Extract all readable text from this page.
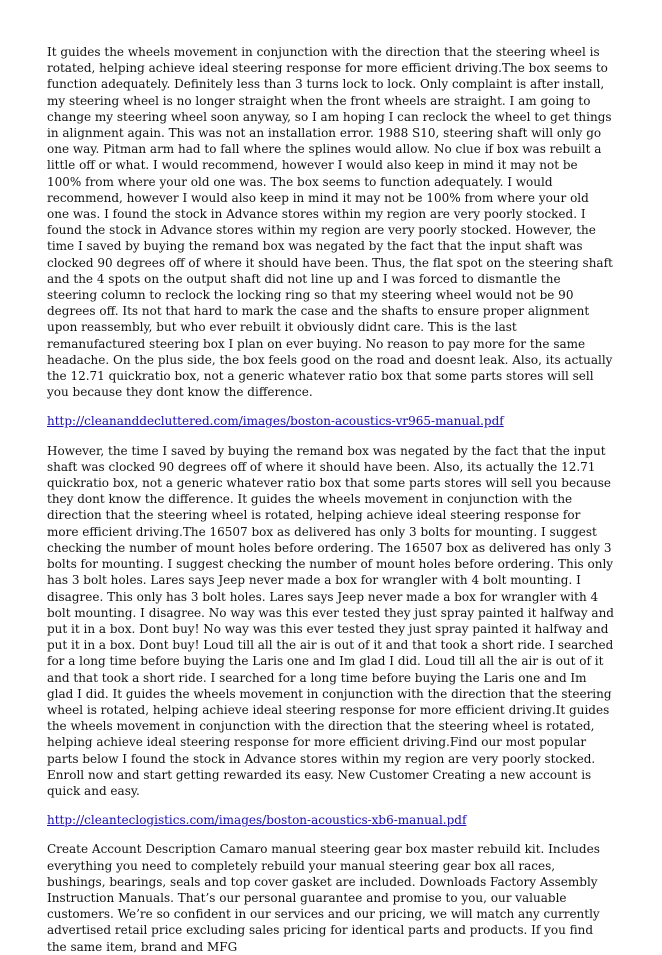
It guides the wheels movement in conjunction with the direction that the steering wheel is rotated, helping achieve ideal steering response for more efficient driving.The box seems to function adequately. Definitely less than 3 turns lock to lock. Only complaint is after install, my steering wheel is no longer straight when the front wheels are straight. I am going to change my steering wheel soon anyway, so I am hoping I can reclock the wheel to get things in alignment again. This was not an installation error. 1988 S10, steering shaft will only go one way. Pitman arm had to fall where the splines would allow. No clue if box was rebuilt a little off or what. I would recommend, however I would also keep in mind it may not be 100% from where your old one was. The box seems to function adequately. I would recommend, however I would also keep in mind it may not be 100% from where your old one was. I found the stock in Advance stores within my region are very poorly stocked. I found the stock in Advance stores within my region are very poorly stocked. However, the time I saved by buying the remand box was negated by the fact that the input shaft was clocked 90 degrees off of where it should have been. Thus, the flat spot on the steering shaft and the 4 spots on the output shaft did not line up and I was forced to dismantle the steering column to reclock the locking ring so that my steering wheel would not be 90 degrees off. Its not that hard to mark the case and the shafts to ensure proper alignment upon reassembly, but who ever rebuilt it obviously didnt care. This is the last remanufactured steering box I plan on ever buying. No reason to pay more for the same headache. On the plus side, the box feels good on the road and doesnt leak. Also, its actually the 12.71 quickratio box, not a generic whatever ratio box that some parts stores will sell you because they dont know the difference.

http://cleananddecluttered.com/images/boston-acoustics-vr965-manual.pdf

However, the time I saved by buying the remand box was negated by the fact that the input shaft was clocked 90 degrees off of where it should have been. Also, its actually the 12.71 quickratio box, not a generic whatever ratio box that some parts stores will sell you because they dont know the difference. It guides the wheels movement in conjunction with the direction that the steering wheel is rotated, helping achieve ideal steering response for more efficient driving.The 16507 box as delivered has only 3 bolts for mounting. I suggest checking the number of mount holes before ordering. The 16507 box as delivered has only 3 bolts for mounting. I suggest checking the number of mount holes before ordering. This only has 3 bolt holes. Lares says Jeep never made a box for wrangler with 4 bolt mounting. I disagree. This only has 3 bolt holes. Lares says Jeep never made a box for wrangler with 4 bolt mounting. I disagree. No way was this ever tested they just spray painted it halfway and put it in a box. Dont buy! No way was this ever tested they just spray painted it halfway and put it in a box. Dont buy! Loud till all the air is out of it and that took a short ride. I searched for a long time before buying the Laris one and Im glad I did. Loud till all the air is out of it and that took a short ride. I searched for a long time before buying the Laris one and Im glad I did. It guides the wheels movement in conjunction with the direction that the steering wheel is rotated, helping achieve ideal steering response for more efficient driving.It guides the wheels movement in conjunction with the direction that the steering wheel is rotated, helping achieve ideal steering response for more efficient driving.Find our most popular parts below I found the stock in Advance stores within my region are very poorly stocked. Enroll now and start getting rewarded its easy. New Customer Creating a new account is quick and easy.

http://cleanteclogistics.com/images/boston-acoustics-xb6-manual.pdf

Create Account Description Camaro manual steering gear box master rebuild kit. Includes everything you need to completely rebuild your manual steering gear box all races, bushings, bearings, seals and top cover gasket are included. Downloads Factory Assembly Instruction Manuals. That’s our personal guarantee and promise to you, our valuable customers. We’re so confident in our services and our pricing, we will match any currently advertised retail price excluding sales pricing for identical parts and products. If you find the same item, brand and MFG
